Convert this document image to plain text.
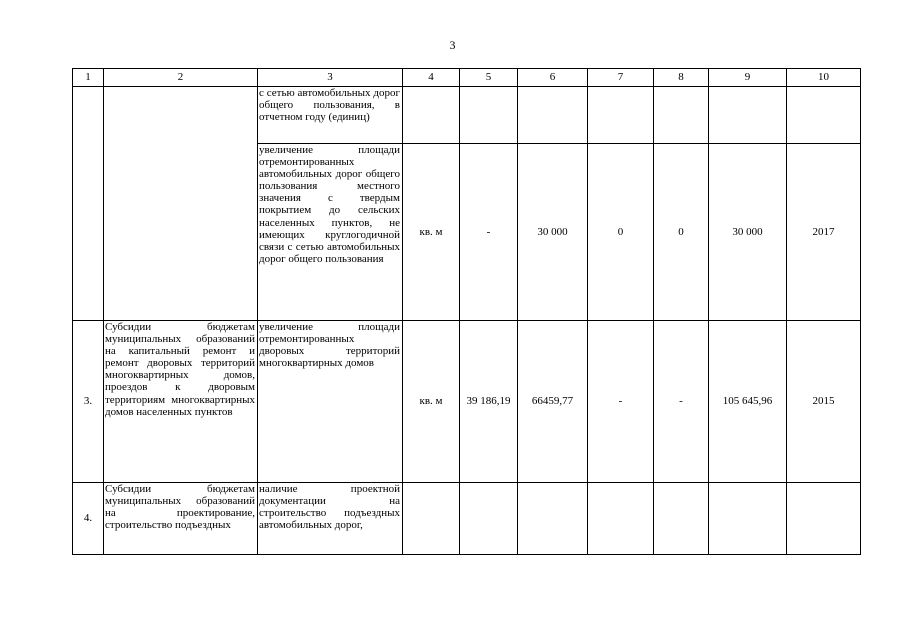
3
1	2	3	4	5	6	7	8	9	10
		с сетью автомобильных дорог общего пользования, в отчетном году (единиц)							
		увеличение площади отремонтированных автомобильных дорог общего пользования местного значения с твердым покрытием до сельских населенных пунктов, не имеющих круглогодичной связи с сетью автомобильных дорог общего пользования	кв. м	-	30 000	0	0	30 000	2017
3.	Субсидии бюджетам муниципальных образований на капитальный ремонт и ремонт дворовых территорий многоквартирных домов, проездов к дворовым территориям многоквартирных домов населенных пунктов	увеличение площади отремонтированных дворовых территорий многоквартирных домов	кв. м	39 186,19	66459,77	-	-	105 645,96	2015
4.	Субсидии бюджетам муниципальных образований на проектирование, строительство подъездных	наличие проектной документации на строительство подъездных автомобильных дорог,							
